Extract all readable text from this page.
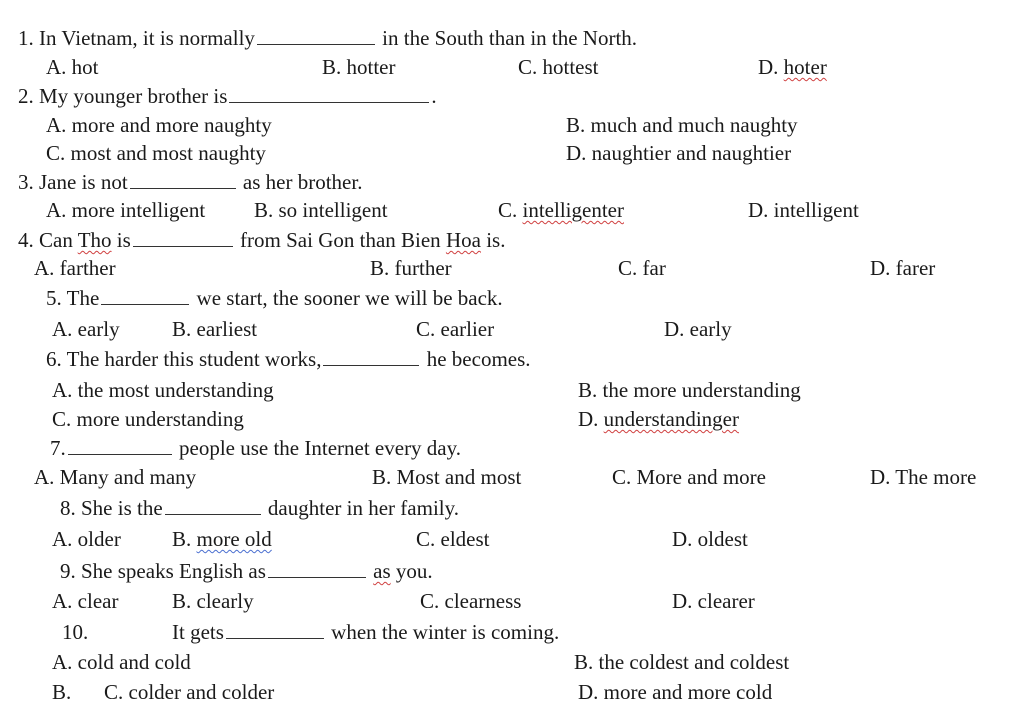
1. In Vietnam, it is normally	in the South than in the North.
A. hot	B. hotter	C. hottest	D. hoter
2. My younger brother is	.
A. more and more naughty	B. much and much naughty
C. most and most naughty	D. naughtier and naughtier
3. Jane is not	as her brother.
A. more intelligent B. so intelligent	C. intelligenter	D. intelligent
4. Can Tho is	from Sai Gon than Bien Hoa is.
A. farther	B. further	C. far	D. farer
5. The	we start, the sooner we will be back.
A. early B. earliest	C. earlier	D. early
6. The harder this student works,	he becomes.
A. the most understanding	B. the more understanding
C. more understanding	D. understandinger
7.	people use the Internet every day.
A. Many and many	B. Most and most	C. More and more	D. The more
8. She is the	daughter in her family.
A. older B. more old	C. eldest	D. oldest
9. She speaks English as	as you.
A. clear	B. clearly	C. clearness	D. clearer
10.	It gets	when the winter is coming.
A. cold and cold	B. the coldest and coldest
B. C. colder and colder	D. more and more cold
